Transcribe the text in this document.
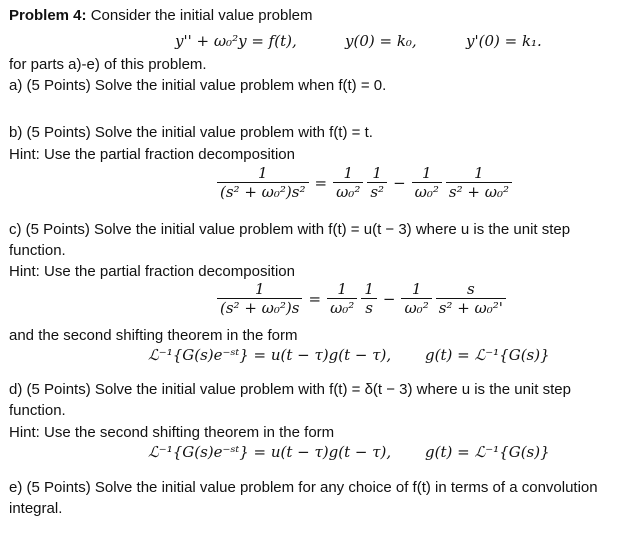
Problem 4: Consider the initial value problem
y'' + ω₀²y = f(t),	y(0) = k₀,	y'(0) = k₁.
for parts a)-e) of this problem.
a) (5 Points) Solve the initial value problem when f(t) = 0.
b) (5 Points) Solve the initial value problem with f(t) = t.
Hint: Use the partial fraction decomposition
$\frac{1}{\text{(s² + ω₀²)s²}} = \frac{1}{\text{ω₀²}} \frac{1}{\text{s²}} - \frac{1}{\text{ω₀²}} \frac{1}{\text{s² + ω₀²}}$
c) (5 Points) Solve the initial value problem with f(t) = u(t − 3) where u is the unit step
function.
Hint: Use the partial fraction decomposition
$\frac{1}{\text{(s² + ω₀²)s}} = \frac{1}{\text{ω₀²}} \frac{1}{s} - \frac{1}{\text{ω₀²}} \frac{s}{\text{s² + ω₀²'}}$
and the second shifting theorem in the form
ℒ⁻¹{G(s)e⁻ˢᵗ} = u(t − τ)g(t − τ), g(t) = ℒ⁻¹{G(s)}
d) (5 Points) Solve the initial value problem with f(t) = δ(t − 3) where u is the unit step
function.
Hint: Use the second shifting theorem in the form
ℒ⁻¹{G(s)e⁻ˢᵗ} = u(t − τ)g(t − τ), g(t) = ℒ⁻¹{G(s)}
e) (5 Points) Solve the initial value problem for any choice of f(t) in terms of a convolution
integral.
